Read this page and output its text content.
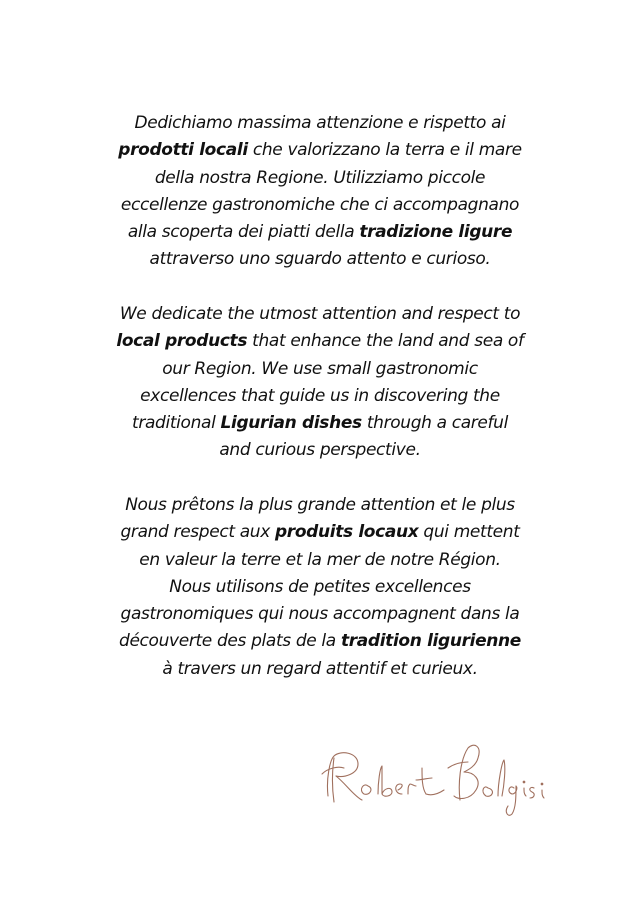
Dedichiamo massima attenzione e rispetto ai
prodotti locali che valorizzano la terra e il mare
della nostra Regione. Utilizziamo piccole
eccellenze gastronomiche che ci accompagnano
alla scoperta dei piatti della tradizione ligure
attraverso uno sguardo attento e curioso.
We dedicate the utmost attention and respect to
local products that enhance the land and sea of
our Region. We use small gastronomic
excellences that guide us in discovering the
traditional Ligurian dishes through a careful
and curious perspective.
Nous prêtons la plus grande attention et le plus
grand respect aux produits locaux qui mettent
en valeur la terre et la mer de notre Région.
Nous utilisons de petites excellences
gastronomiques qui nous accompagnent dans la
découverte des plats de la tradition ligurienne
à travers un regard attentif et curieux.
